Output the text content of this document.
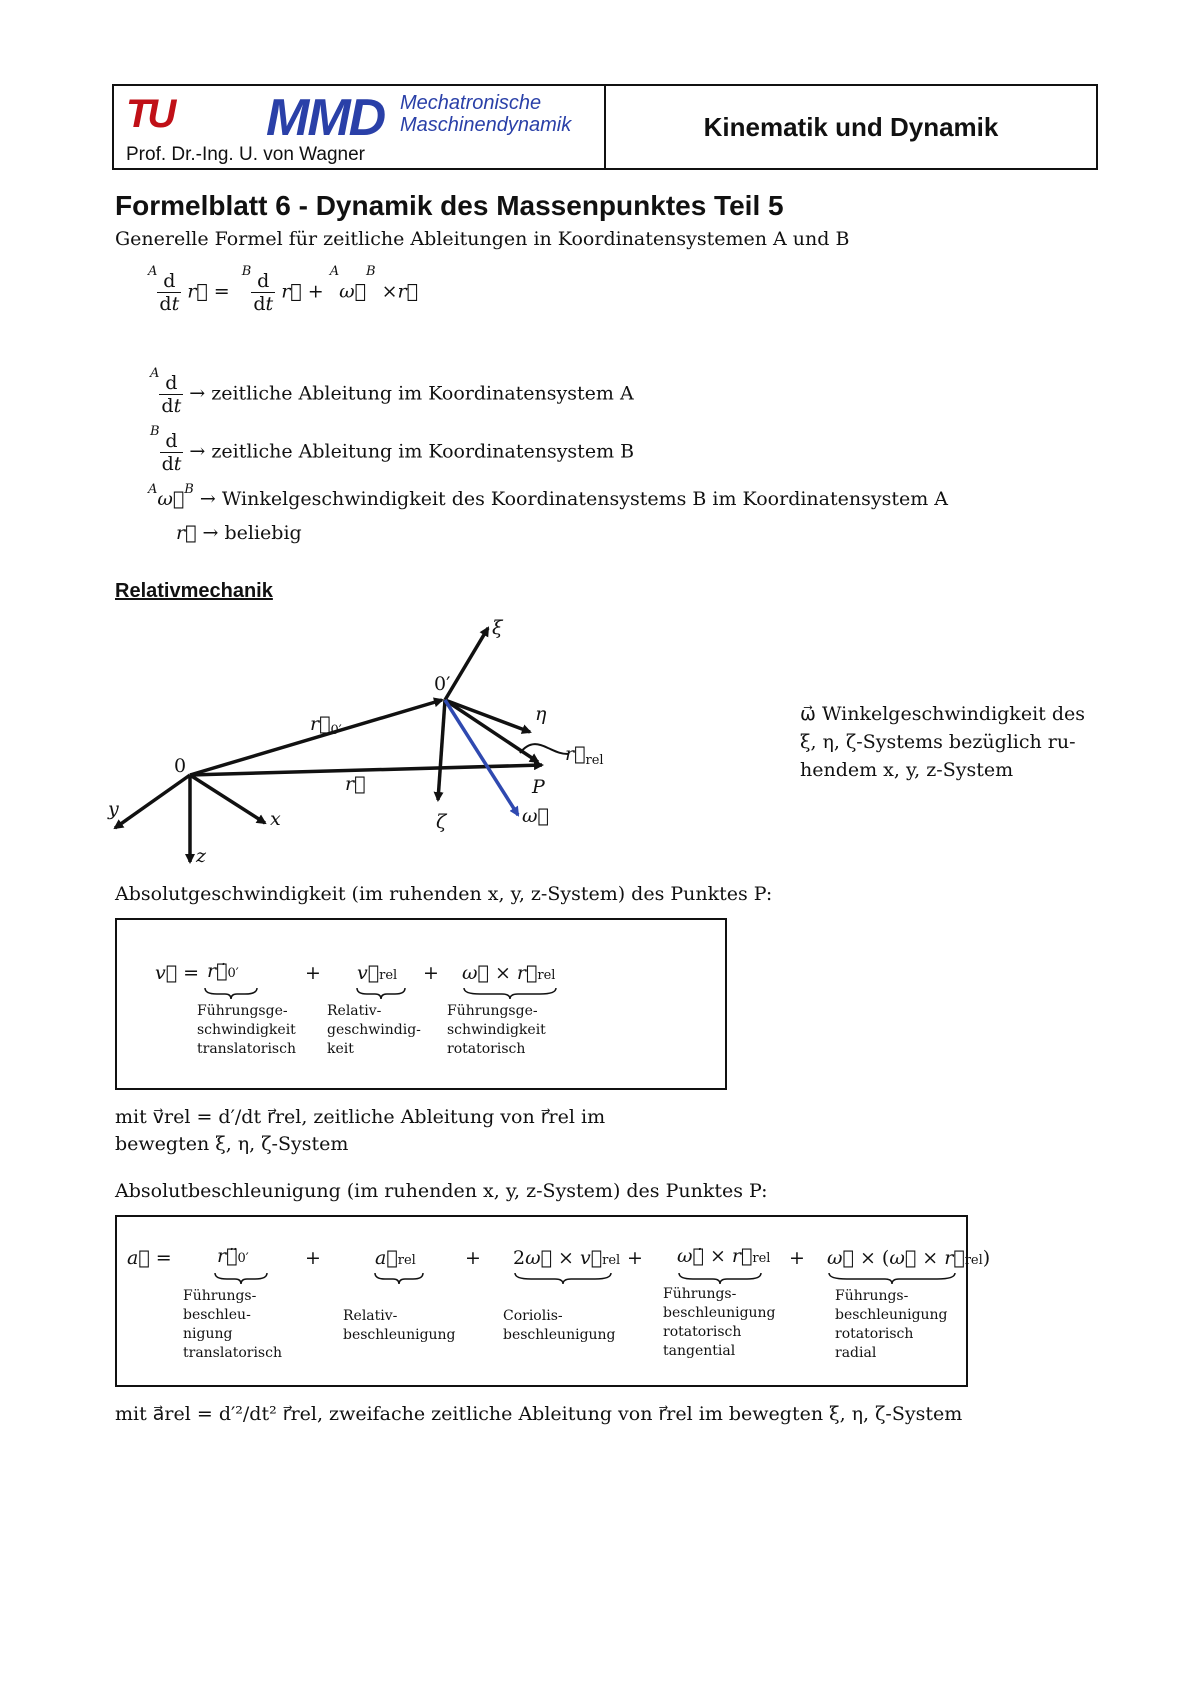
TU MMD Mechatronische
Maschinendynamik
Prof. Dr.-Ing. U. von Wagner
Kinematik und Dynamik
Formelblatt 6 - Dynamik des Massenpunktes Teil 5
Generelle Formel für zeitliche Ableitungen in Koordinatensystemen A und B
$^A \frac{d}{dt}$ r⃗ =  $^B \frac{d}{dt}$ r⃗ + $^A$ω⃗$^B$ ×r⃗
$^A \frac{d}{dt}$ → zeitliche Ableitung im Koordinatensystem A
$^B \frac{d}{dt}$ → zeitliche Ableitung im Koordinatensystem B
$^A$ω⃗$^B$ → Winkelgeschwindigkeit des Koordinatensystems B im Koordinatensystem A
r⃗ → beliebig
Relativmechanik
ξ
η
ζ
0′
0
P
x
y
z
$r⃗_{0'}$
r⃗
$r⃗_{rel}$
ω⃗
ω⃗ Winkelgeschwindigkeit des
ξ, η, ζ-Systems bezüglich ru-
hendem x, y, z-System
Absolutgeschwindigkeit (im ruhenden x, y, z-System) des Punktes P:
v⃗ = r⃗̇0′	+ v⃗rel + ω⃗ × r⃗rel
Führungsge-
schwindigkeit
translatorisch
Relativ-
geschwindig-
keit
Führungsge-
schwindigkeit
rotatorisch
mit v⃗rel = d′/dt r⃗rel, zeitliche Ableitung von r⃗rel im
bewegten ξ, η, ζ-System
Absolutbeschleunigung (im ruhenden x, y, z-System) des Punktes P:
a⃗ = r⃗̈0′	+	a⃗rel	+ 2ω⃗ × v⃗rel + ω⃗̇ × r⃗rel + ω⃗ × (ω⃗ × r⃗rel)
Führungs-
beschleu-
nigung
translatorisch
Relativ-
beschleunigung
Coriolis-
beschleunigung
Führungs-
beschleunigung
rotatorisch
tangential
Führungs-
beschleunigung
rotatorisch
radial
mit a⃗rel = d′²/dt² r⃗rel, zweifache zeitliche Ableitung von r⃗rel im bewegten ξ, η, ζ-System
